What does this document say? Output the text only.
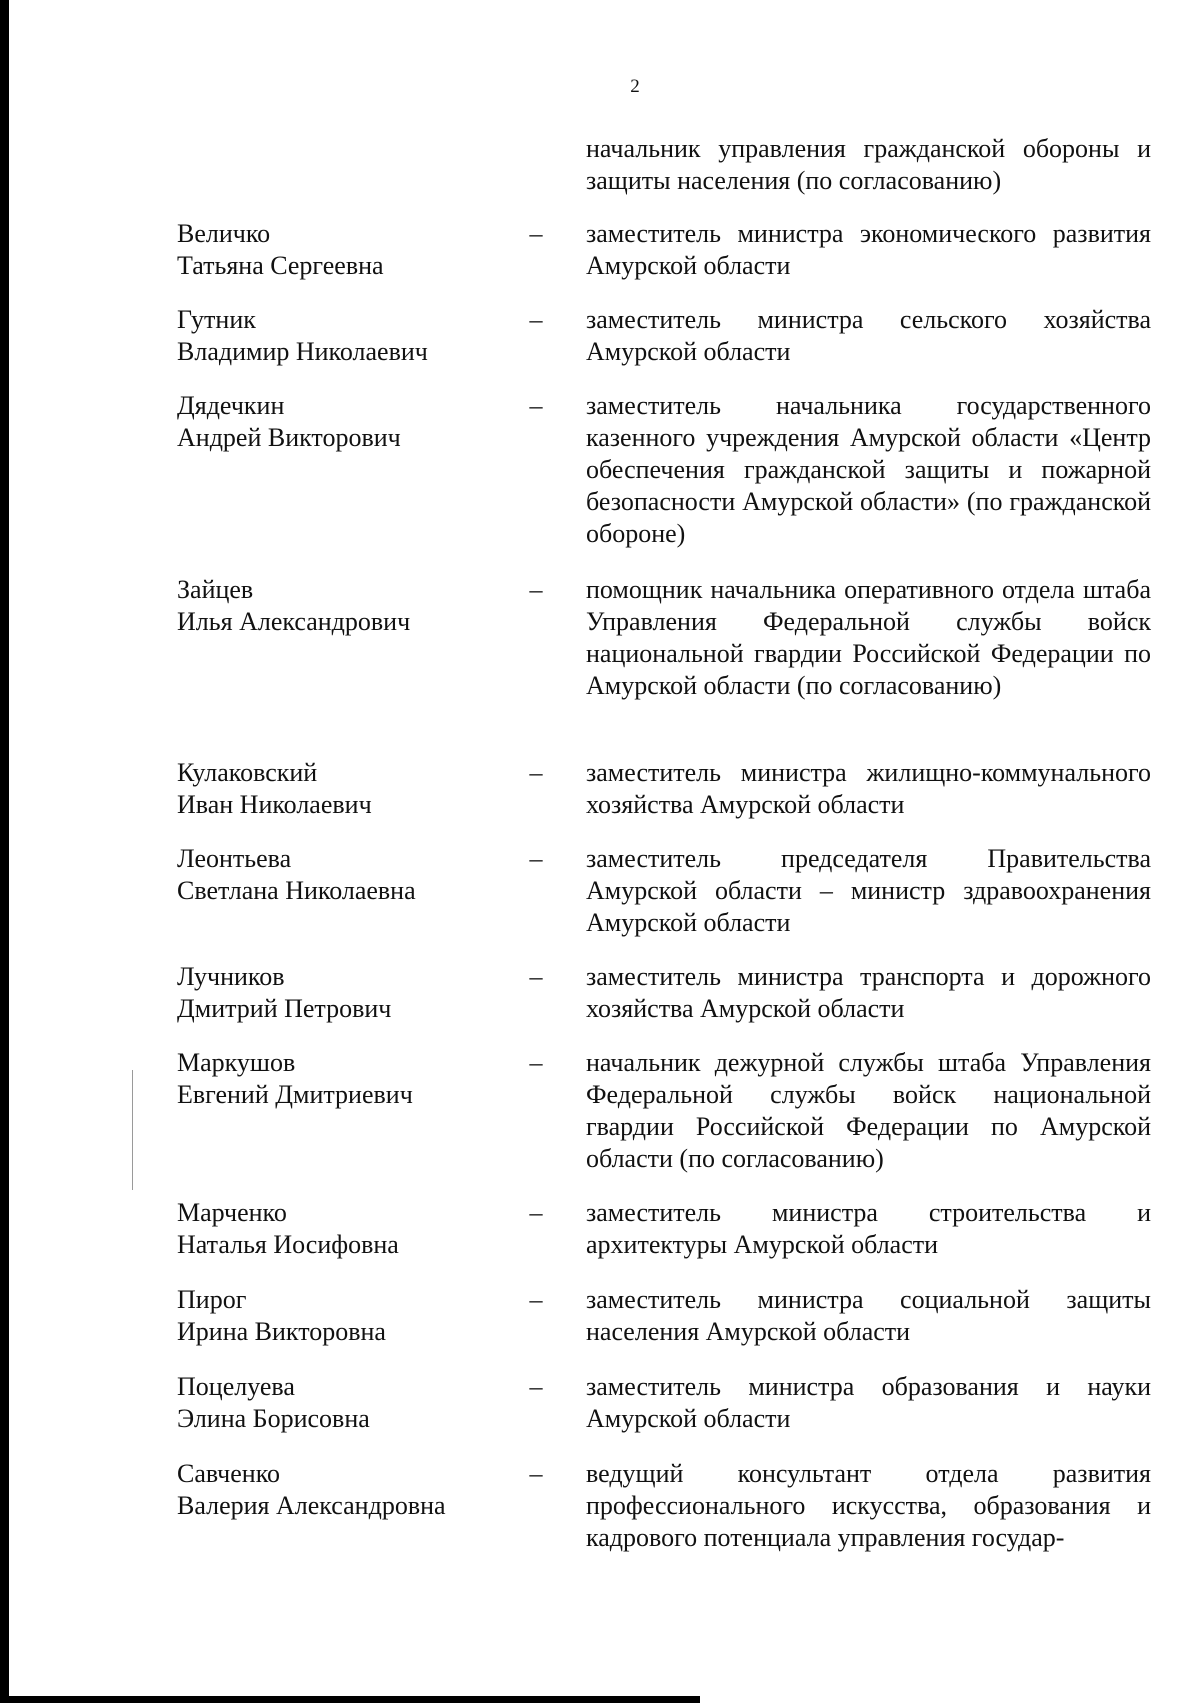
2
начальник управления гражданской обороны и защиты населения (по согласованию)
Величко
Татьяна Сергеевна
– заместитель министра экономического развития Амурской области
Гутник
Владимир Николаевич
– заместитель министра сельского хозяйства Амурской области
Дядечкин
Андрей Викторович
– заместитель начальника государственного казенного учреждения Амурской области «Центр обеспечения гражданской защиты и пожарной безопасности Амурской области» (по гражданской обороне)
Зайцев
Илья Александрович
– помощник начальника оперативного отдела штаба Управления Федеральной службы войск национальной гвардии Российской Федерации по Амурской области (по согласованию)
Кулаковский
Иван Николаевич
– заместитель министра жилищно-коммунального хозяйства Амурской области
Леонтьева
Светлана Николаевна
– заместитель председателя Правительства Амурской области – министр здравоохранения Амурской области
Лучников
Дмитрий Петрович
– заместитель министра транспорта и дорожного хозяйства Амурской области
Маркушов
Евгений Дмитриевич
– начальник дежурной службы штаба Управления Федеральной службы войск национальной гвардии Российской Федерации по Амурской области (по согласованию)
Марченко
Наталья Иосифовна
– заместитель министра строительства и архитектуры Амурской области
Пирог
Ирина Викторовна
– заместитель министра социальной защиты населения Амурской области
Поцелуева
Элина Борисовна
– заместитель министра образования и науки Амурской области
Савченко
Валерия Александровна
– ведущий консультант отдела развития профессионального искусства, образования и кадрового потенциала управления государ-
